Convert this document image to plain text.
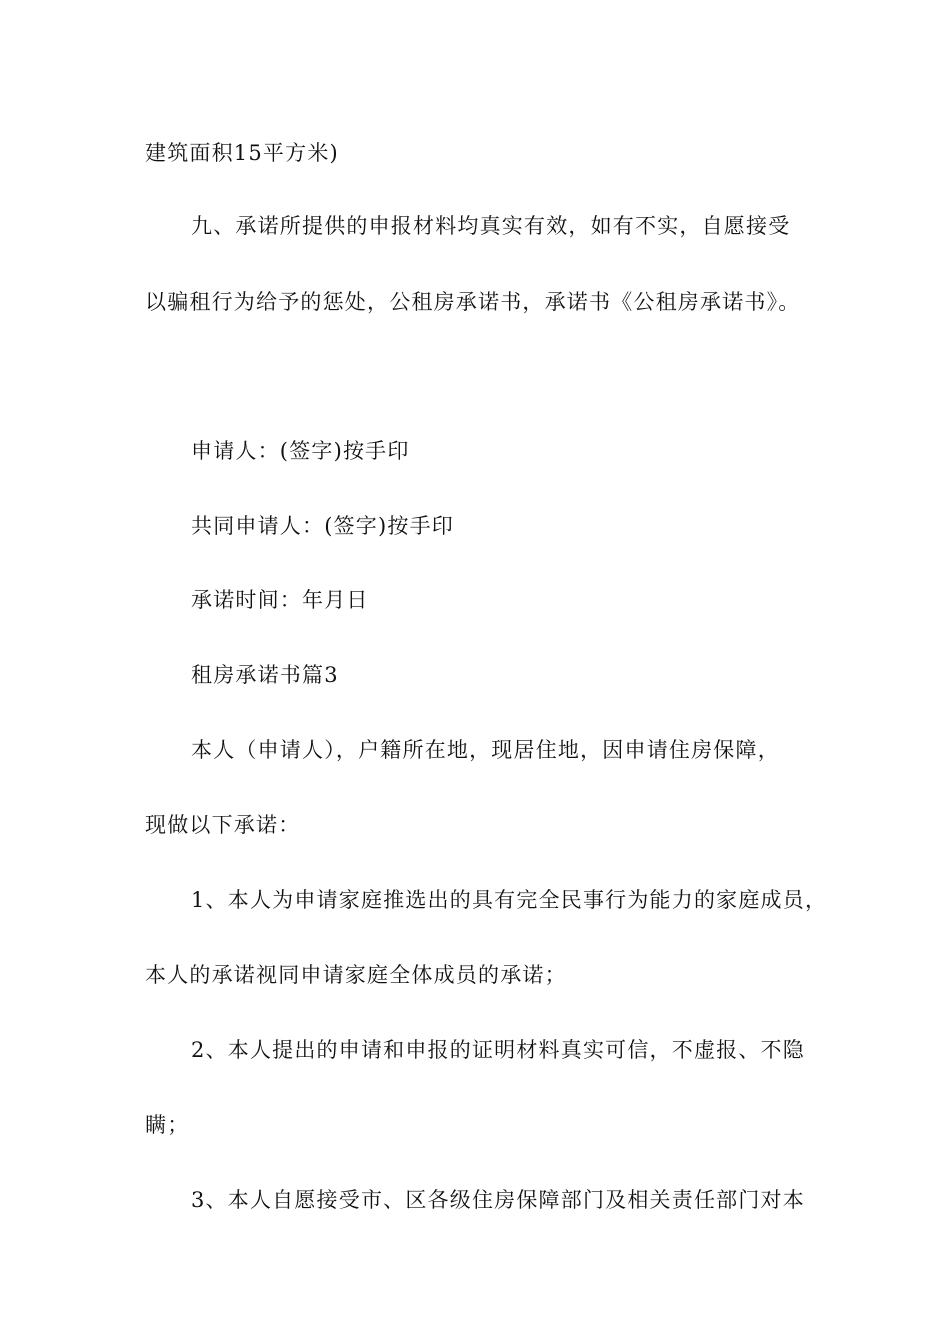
建筑面积15平方米)
九、承诺所提供的申报材料均真实有效，如有不实，自愿接受
以骗租行为给予的惩处，公租房承诺书，承诺书《公租房承诺书》。
申请人：(签字)按手印
共同申请人：(签字)按手印
承诺时间：年月日
租房承诺书篇3
本人（申请人），户籍所在地，现居住地，因申请住房保障，
现做以下承诺：
1、本人为申请家庭推选出的具有完全民事行为能力的家庭成员，
本人的承诺视同申请家庭全体成员的承诺；
2、本人提出的申请和申报的证明材料真实可信，不虚报、不隐
瞒；
3、本人自愿接受市、区各级住房保障部门及相关责任部门对本
